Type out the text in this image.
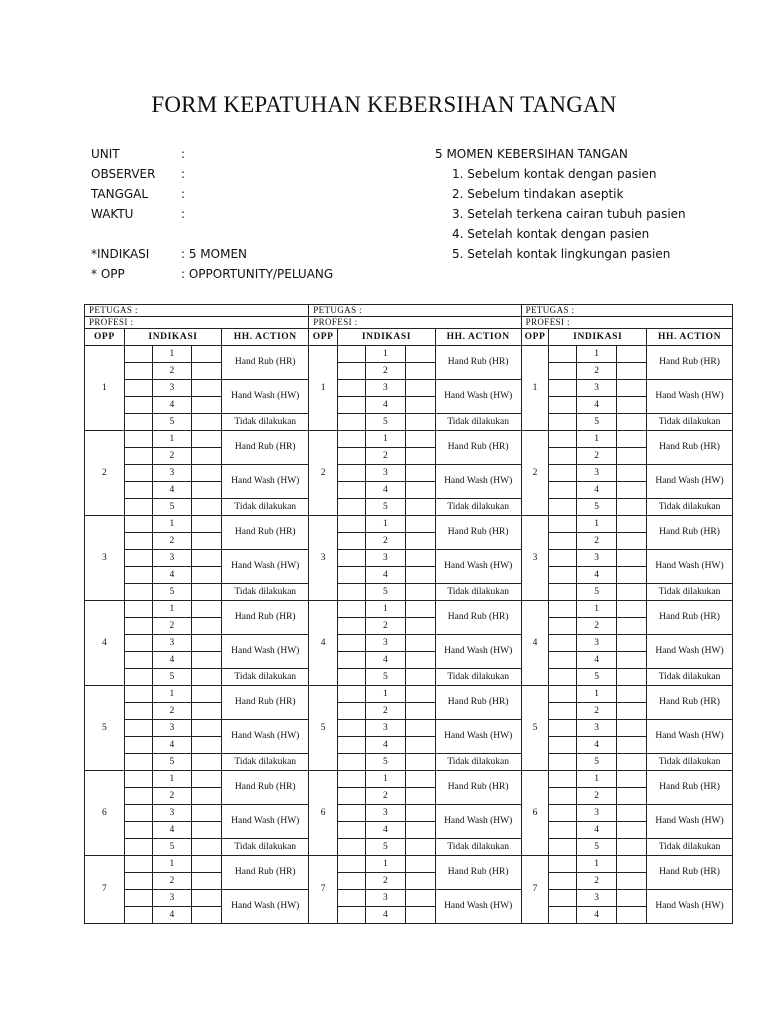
FORM KEPATUHAN KEBERSIHAN TANGAN
UNIT	:
OBSERVER :
TANGGAL	:
WAKTU	:
*INDIKASI	: 5 MOMEN
* OPP	: OPPORTUNITY/PELUANG
5 MOMEN KEBERSIHAN TANGAN
1. Sebelum kontak dengan pasien
2. Sebelum tindakan aseptik
3. Setelah terkena cairan tubuh pasien
4. Setelah kontak dengan pasien
5. Setelah kontak lingkungan pasien
PETUGAS :					PETUGAS :					PETUGAS :				
PROFESI :					PROFESI :					PROFESI :				
OPP	INDIKASI			HH. ACTION	OPP	INDIKASI			HH. ACTION	OPP	INDIKASI			HH. ACTION
1		1		Hand Rub (HR)	1		1		Hand Rub (HR)	1		1		Hand Rub (HR)
		2					2					2		
		3		Hand Wash (HW)			3		Hand Wash (HW)			3		Hand Wash (HW)
		4					4					4		
		5		Tidak dilakukan			5		Tidak dilakukan			5		Tidak dilakukan
2		1		Hand Rub (HR)	2		1		Hand Rub (HR)	2		1		Hand Rub (HR)
		2					2					2		
		3		Hand Wash (HW)			3		Hand Wash (HW)			3		Hand Wash (HW)
		4					4					4		
		5		Tidak dilakukan			5		Tidak dilakukan			5		Tidak dilakukan
3		1		Hand Rub (HR)	3		1		Hand Rub (HR)	3		1		Hand Rub (HR)
		2					2					2		
		3		Hand Wash (HW)			3		Hand Wash (HW)			3		Hand Wash (HW)
		4					4					4		
		5		Tidak dilakukan			5		Tidak dilakukan			5		Tidak dilakukan
4		1		Hand Rub (HR)	4		1		Hand Rub (HR)	4		1		Hand Rub (HR)
		2					2					2		
		3		Hand Wash (HW)			3		Hand Wash (HW)			3		Hand Wash (HW)
		4					4					4		
		5		Tidak dilakukan			5		Tidak dilakukan			5		Tidak dilakukan
5		1		Hand Rub (HR)	5		1		Hand Rub (HR)	5		1		Hand Rub (HR)
		2					2					2		
		3		Hand Wash (HW)			3		Hand Wash (HW)			3		Hand Wash (HW)
		4					4					4		
		5		Tidak dilakukan			5		Tidak dilakukan			5		Tidak dilakukan
6		1		Hand Rub (HR)	6		1		Hand Rub (HR)	6		1		Hand Rub (HR)
		2					2					2		
		3		Hand Wash (HW)			3		Hand Wash (HW)			3		Hand Wash (HW)
		4					4					4		
		5		Tidak dilakukan			5		Tidak dilakukan			5		Tidak dilakukan
7		1		Hand Rub (HR)	7		1		Hand Rub (HR)	7		1		Hand Rub (HR)
		2					2					2		
		3		Hand Wash (HW)			3		Hand Wash (HW)			3		Hand Wash (HW)
		4					4					4		
